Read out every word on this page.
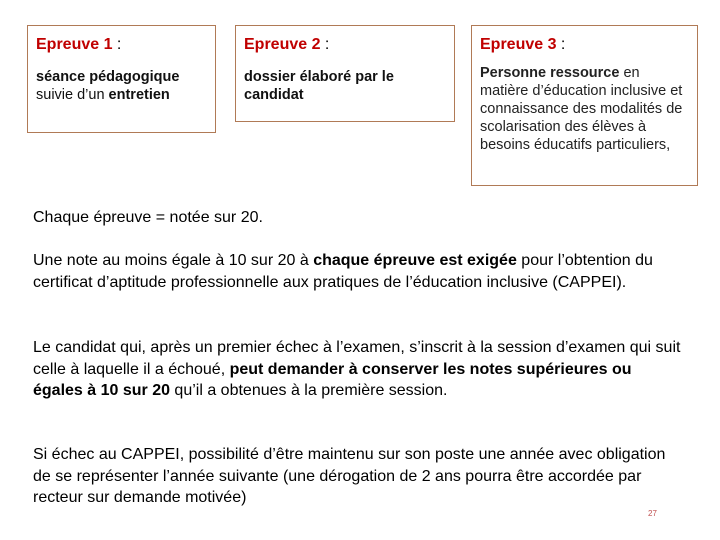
Epreuve 1 :
séance pédagogique suivie d’un entretien
Epreuve 2 :
dossier élaboré par le candidat
Epreuve 3 :
Personne ressource en matière d’éducation inclusive et connaissance des modalités de scolarisation des élèves à besoins éducatifs particuliers,

Chaque épreuve = notée sur 20.

Une note au moins égale à 10 sur 20 à chaque épreuve est exigée pour l’obtention du certificat d’aptitude professionnelle aux pratiques de l’éducation inclusive (CAPPEI).

Le candidat qui, après un premier échec à l’examen, s’inscrit à la session d’examen qui suit celle à laquelle il a échoué, peut demander à conserver les notes supérieures ou égales à 10 sur 20 qu’il a obtenues à la première session.

Si échec au CAPPEI, possibilité d’être maintenu sur son poste une année avec obligation de se représenter l’année suivante (une dérogation de 2 ans pourra être accordée par recteur sur demande motivée)

27
